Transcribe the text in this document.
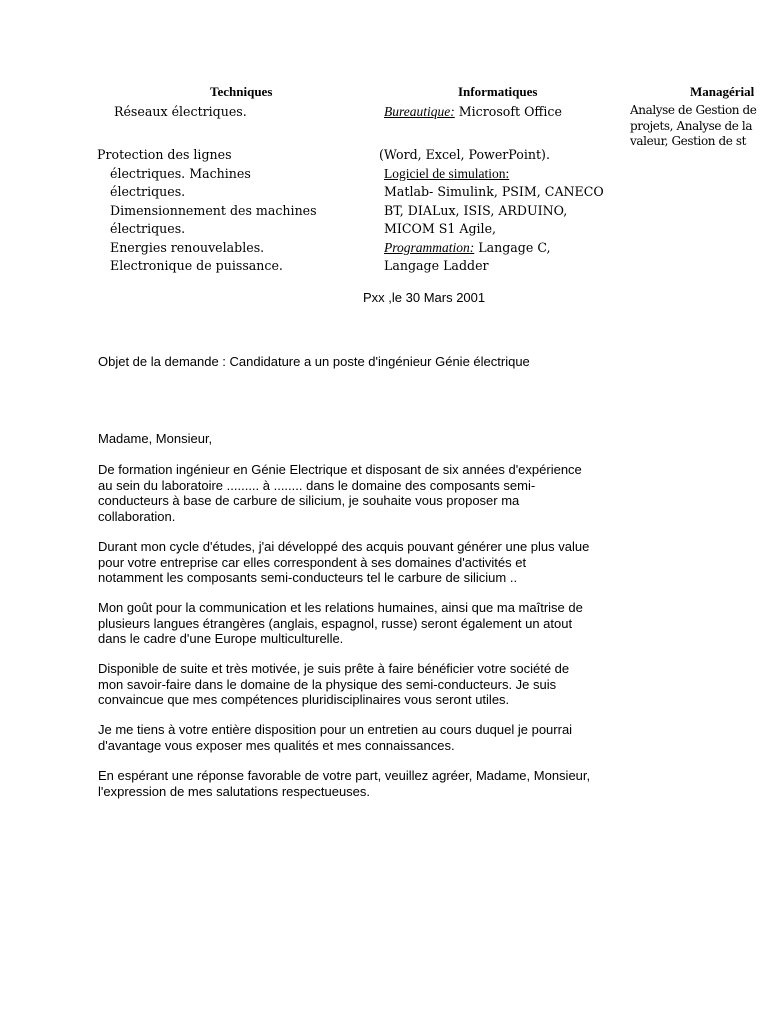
Techniques	Informatiques	Managérial
Réseaux électriques.
Protection des lignes
électriques. Machines
électriques.
Dimensionnement des machines
électriques.
Energies renouvelables.
Electronique de puissance.
Bureautique: Microsoft Office
(Word, Excel, PowerPoint).
Logiciel de simulation:
Matlab- Simulink, PSIM, CANECO
BT, DIALux, ISIS, ARDUINO,
MICOM S1 Agile,
Programmation: Langage C,
Langage Ladder
Analyse de Gestion de
projets, Analyse de la
valeur, Gestion de st
Pxx ,le 30 Mars 2001
Objet de la demande : Candidature a un poste d'ingénieur Génie électrique
Madame, Monsieur,

De formation ingénieur en Génie Electrique et disposant de six années d'expérience

au sein du laboratoire ......... à ........ dans le domaine des composants semi-

conducteurs à base de carbure de silicium, je souhaite vous proposer ma

collaboration.

Durant mon cycle d'études, j'ai développé des acquis pouvant générer une plus value

pour votre entreprise car elles correspondent à ses domaines d'activités et

notamment les composants semi-conducteurs tel le carbure de silicium ..

Mon goût pour la communication et les relations humaines, ainsi que ma maîtrise de

plusieurs langues étrangères (anglais, espagnol, russe) seront également un atout

dans le cadre d'une Europe multiculturelle.

Disponible de suite et très motivée, je suis prête à faire bénéficier votre société de

mon savoir-faire dans le domaine de la physique des semi-conducteurs. Je suis

convaincue que mes compétences pluridisciplinaires vous seront utiles.

Je me tiens à votre entière disposition pour un entretien au cours duquel je pourrai

d'avantage vous exposer mes qualités et mes connaissances.

En espérant une réponse favorable de votre part, veuillez agréer, Madame, Monsieur,

l'expression de mes salutations respectueuses.
